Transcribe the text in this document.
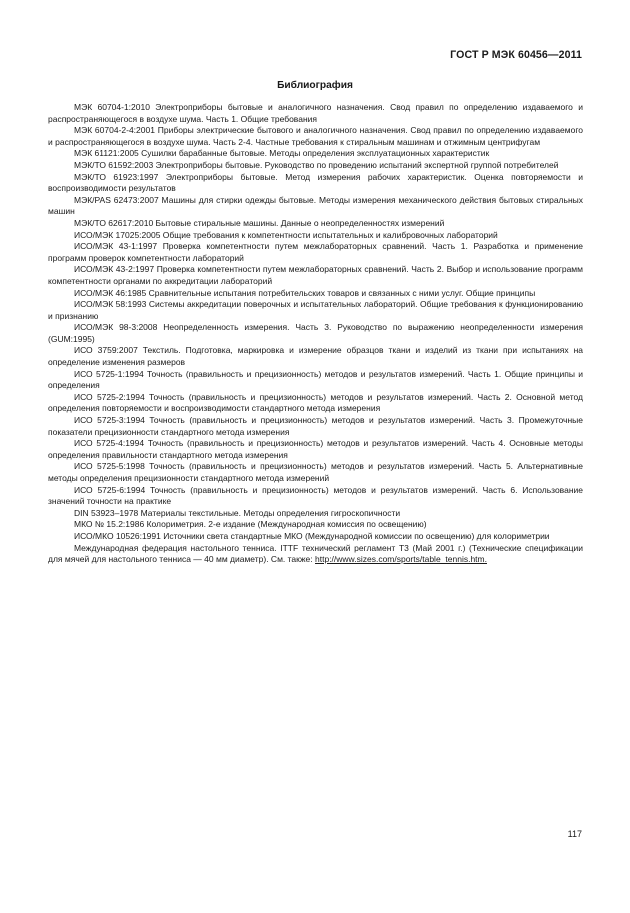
ГОСТ Р МЭК 60456—2011
Библиография

МЭК 60704-1:2010 Электроприборы бытовые и аналогичного назначения. Свод правил по определению издаваемого и распространяющегося в воздухе шума. Часть 1. Общие требования

МЭК 60704-2-4:2001 Приборы электрические бытового и аналогичного назначения. Свод правил по определению издаваемого и распространяющегося в воздухе шума. Часть 2-4. Частные требования к стиральным машинам и отжимным центрифугам

МЭК 61121:2005 Сушилки барабанные бытовые. Методы определения эксплуатационных характеристик

МЭК/ТО 61592:2003 Электроприборы бытовые. Руководство по проведению испытаний экспертной группой потребителей

МЭК/ТО 61923:1997 Электроприборы бытовые. Метод измерения рабочих характеристик. Оценка повторяемости и воспроизводимости результатов

МЭК/PAS 62473:2007 Машины для стирки одежды бытовые. Методы измерения механического действия бытовых стиральных машин

МЭК/ТО 62617:2010 Бытовые стиральные машины. Данные о неопределенностях измерений

ИСО/МЭК 17025:2005 Общие требования к компетентности испытательных и калибровочных лабораторий

ИСО/МЭК 43-1:1997 Проверка компетентности путем межлабораторных сравнений. Часть 1. Разработка и применение программ проверок компетентности лабораторий

ИСО/МЭК 43-2:1997 Проверка компетентности путем межлабораторных сравнений. Часть 2. Выбор и использование программ компетентности органами по аккредитации лабораторий

ИСО/МЭК 46:1985 Сравнительные испытания потребительских товаров и связанных с ними услуг. Общие принципы

ИСО/МЭК 58:1993 Системы аккредитации поверочных и испытательных лабораторий. Общие требования к функционированию и признанию

ИСО/МЭК 98-3:2008 Неопределенность измерения. Часть 3. Руководство по выражению неопределенности измерения (GUM:1995)

ИСО 3759:2007 Текстиль. Подготовка, маркировка и измерение образцов ткани и изделий из ткани при испытаниях на определение изменения размеров

ИСО 5725-1:1994 Точность (правильность и прецизионность) методов и результатов измерений. Часть 1. Общие принципы и определения

ИСО 5725-2:1994 Точность (правильность и прецизионность) методов и результатов измерений. Часть 2. Основной метод определения повторяемости и воспроизводимости стандартного метода измерения

ИСО 5725-3:1994 Точность (правильность и прецизионность) методов и результатов измерений. Часть 3. Промежуточные показатели прецизионности стандартного метода измерения

ИСО 5725-4:1994 Точность (правильность и прецизионность) методов и результатов измерений. Часть 4. Основные методы определения правильности стандартного метода измерения

ИСО 5725-5:1998 Точность (правильность и прецизионность) методов и результатов измерений. Часть 5. Альтернативные методы определения прецизионности стандартного метода измерений

ИСО 5725-6:1994 Точность (правильность и прецизионность) методов и результатов измерений. Часть 6. Использование значений точности на практике

DIN 53923–1978 Материалы текстильные. Методы определения гигроскопичности

МКО № 15.2:1986 Колориметрия. 2-е издание (Международная комиссия по освещению)

ИСО/МКО 10526:1991 Источники света стандартные МКО (Международной комиссии по освещению) для колориметрии

Международная федерация настольного тенниса. ITTF технический регламент Т3 (Май 2001 г.) (Технические спецификации для мячей для настольного тенниса — 40 мм диаметр). См. также: http://www.sizes.com/sports/table_tennis.htm.

117
